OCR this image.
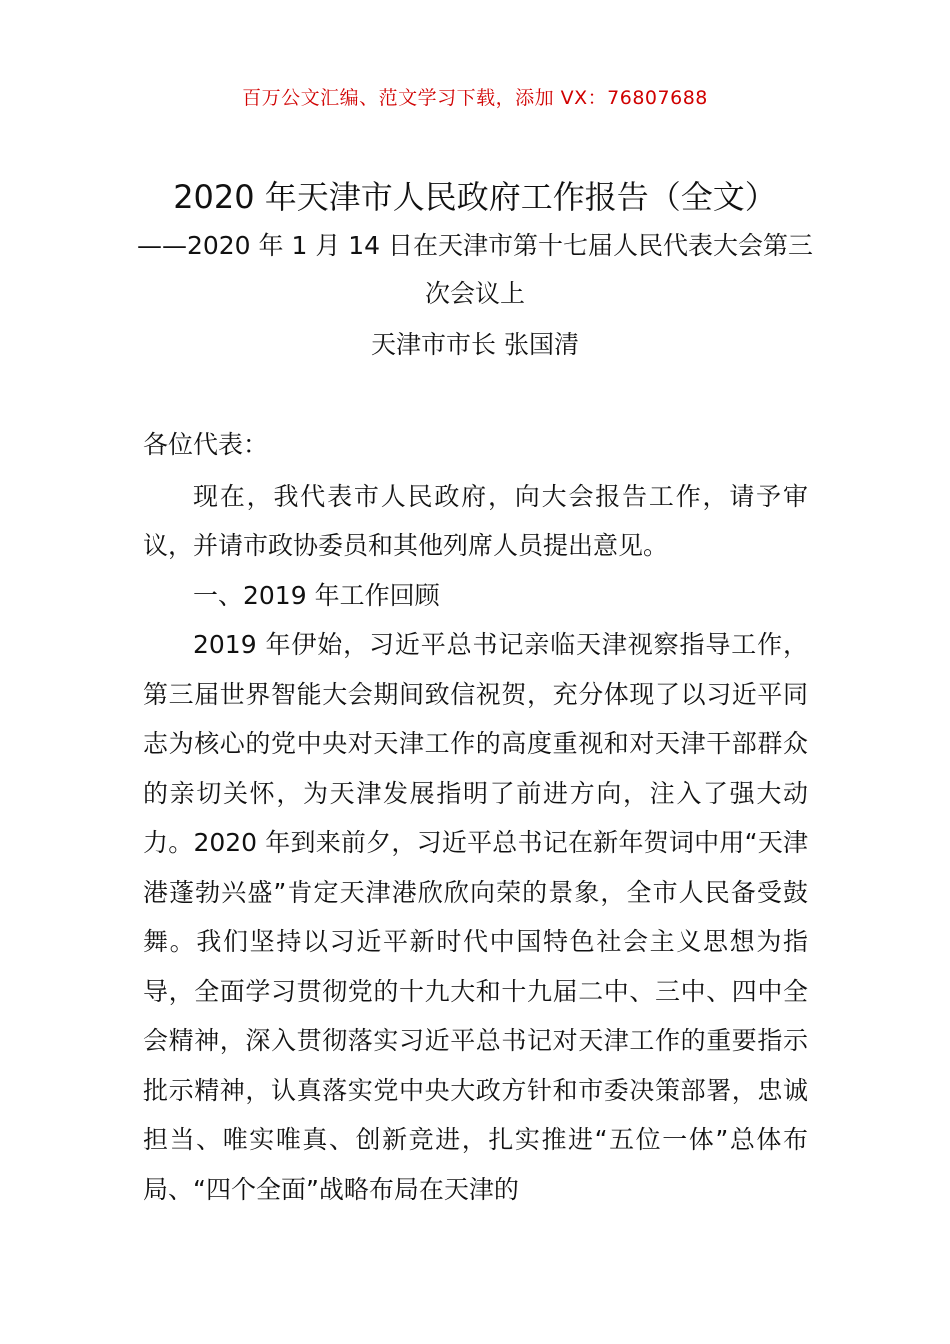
百万公文汇编、范文学习下载，添加 VX：76807688
2020 年天津市人民政府工作报告（全文）

——2020 年 1 月 14 日在天津市第十七届人民代表大会第三次会议上

天津市市长 张国清

各位代表：

现在，我代表市人民政府，向大会报告工作，请予审议，并请市政协委员和其他列席人员提出意见。

一、2019 年工作回顾

2019 年伊始，习近平总书记亲临天津视察指导工作，第三届世界智能大会期间致信祝贺，充分体现了以习近平同志为核心的党中央对天津工作的高度重视和对天津干部群众的亲切关怀，为天津发展指明了前进方向，注入了强大动力。2020 年到来前夕，习近平总书记在新年贺词中用“天津港蓬勃兴盛”肯定天津港欣欣向荣的景象，全市人民备受鼓舞。我们坚持以习近平新时代中国特色社会主义思想为指导，全面学习贯彻党的十九大和十九届二中、三中、四中全会精神，深入贯彻落实习近平总书记对天津工作的重要指示批示精神，认真落实党中央大政方针和市委决策部署，忠诚担当、唯实唯真、创新竞进，扎实推进“五位一体”总体布局、“四个全面”战略布局在天津的
